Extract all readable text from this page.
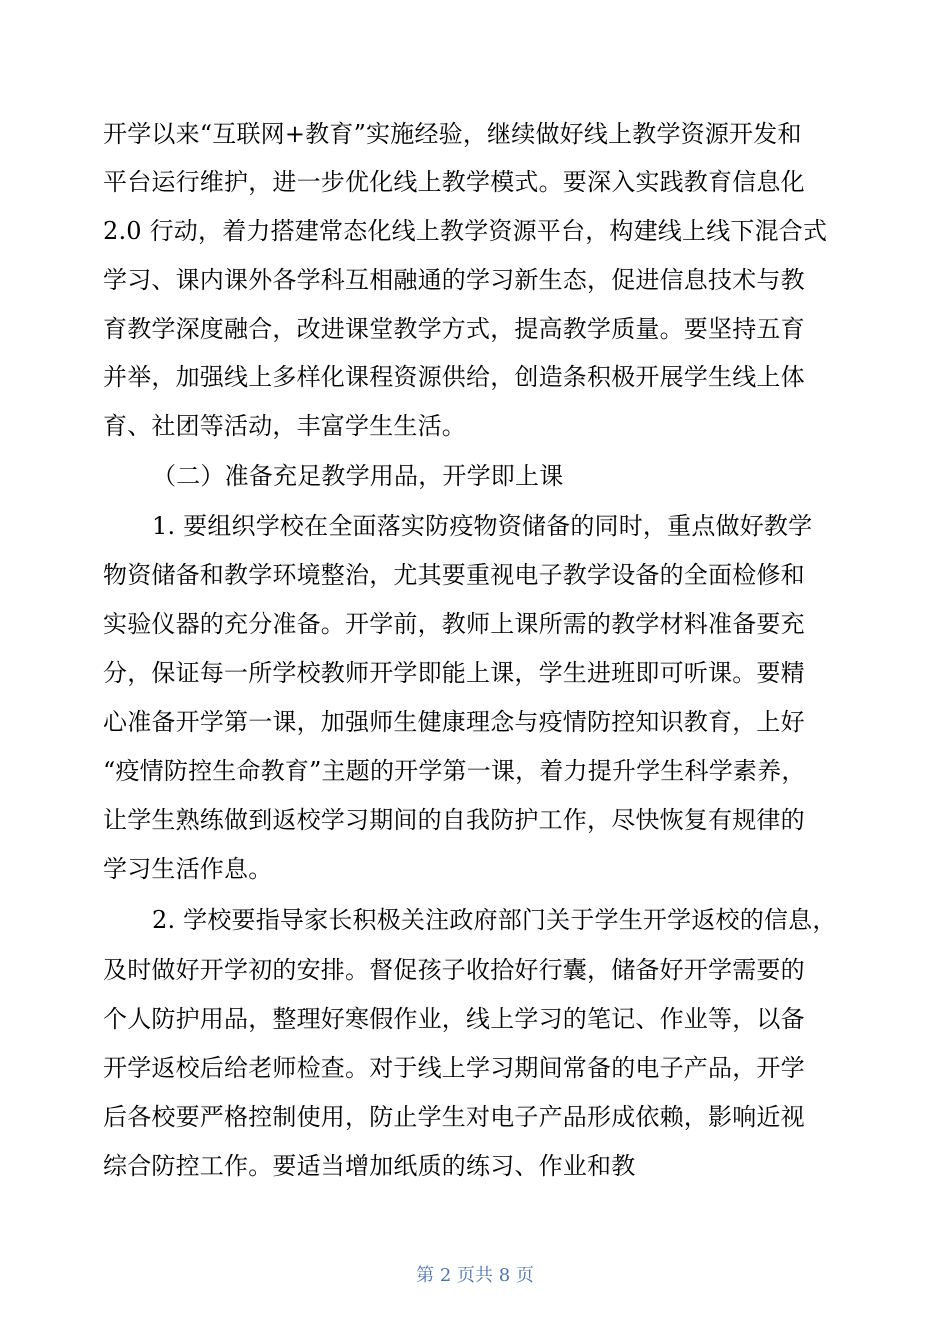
开学以来“互联网+教育”实施经验，继续做好线上教学资源开发和
平台运行维护，进一步优化线上教学模式。要深入实践教育信息化
2.0 行动，着力搭建常态化线上教学资源平台，构建线上线下混合式
学习、课内课外各学科互相融通的学习新生态，促进信息技术与教
育教学深度融合，改进课堂教学方式，提高教学质量。要坚持五育
并举，加强线上多样化课程资源供给，创造条积极开展学生线上体
育、社团等活动，丰富学生生活。
（二）准备充足教学用品，开学即上课
1. 要组织学校在全面落实防疫物资储备的同时，重点做好教学
物资储备和教学环境整治，尤其要重视电子教学设备的全面检修和
实验仪器的充分准备。开学前，教师上课所需的教学材料准备要充
分，保证每一所学校教师开学即能上课，学生进班即可听课。要精
心准备开学第一课，加强师生健康理念与疫情防控知识教育，上好
“疫情防控生命教育”主题的开学第一课，着力提升学生科学素养，
让学生熟练做到返校学习期间的自我防护工作，尽快恢复有规律的
学习生活作息。
2. 学校要指导家长积极关注政府部门关于学生开学返校的信息，
及时做好开学初的安排。督促孩子收拾好行囊，储备好开学需要的
个人防护用品，整理好寒假作业，线上学习的笔记、作业等，以备
开学返校后给老师检查。对于线上学习期间常备的电子产品，开学
后各校要严格控制使用，防止学生对电子产品形成依赖，影响近视
综合防控工作。要适当增加纸质的练习、作业和教
第 2 页共 8 页
